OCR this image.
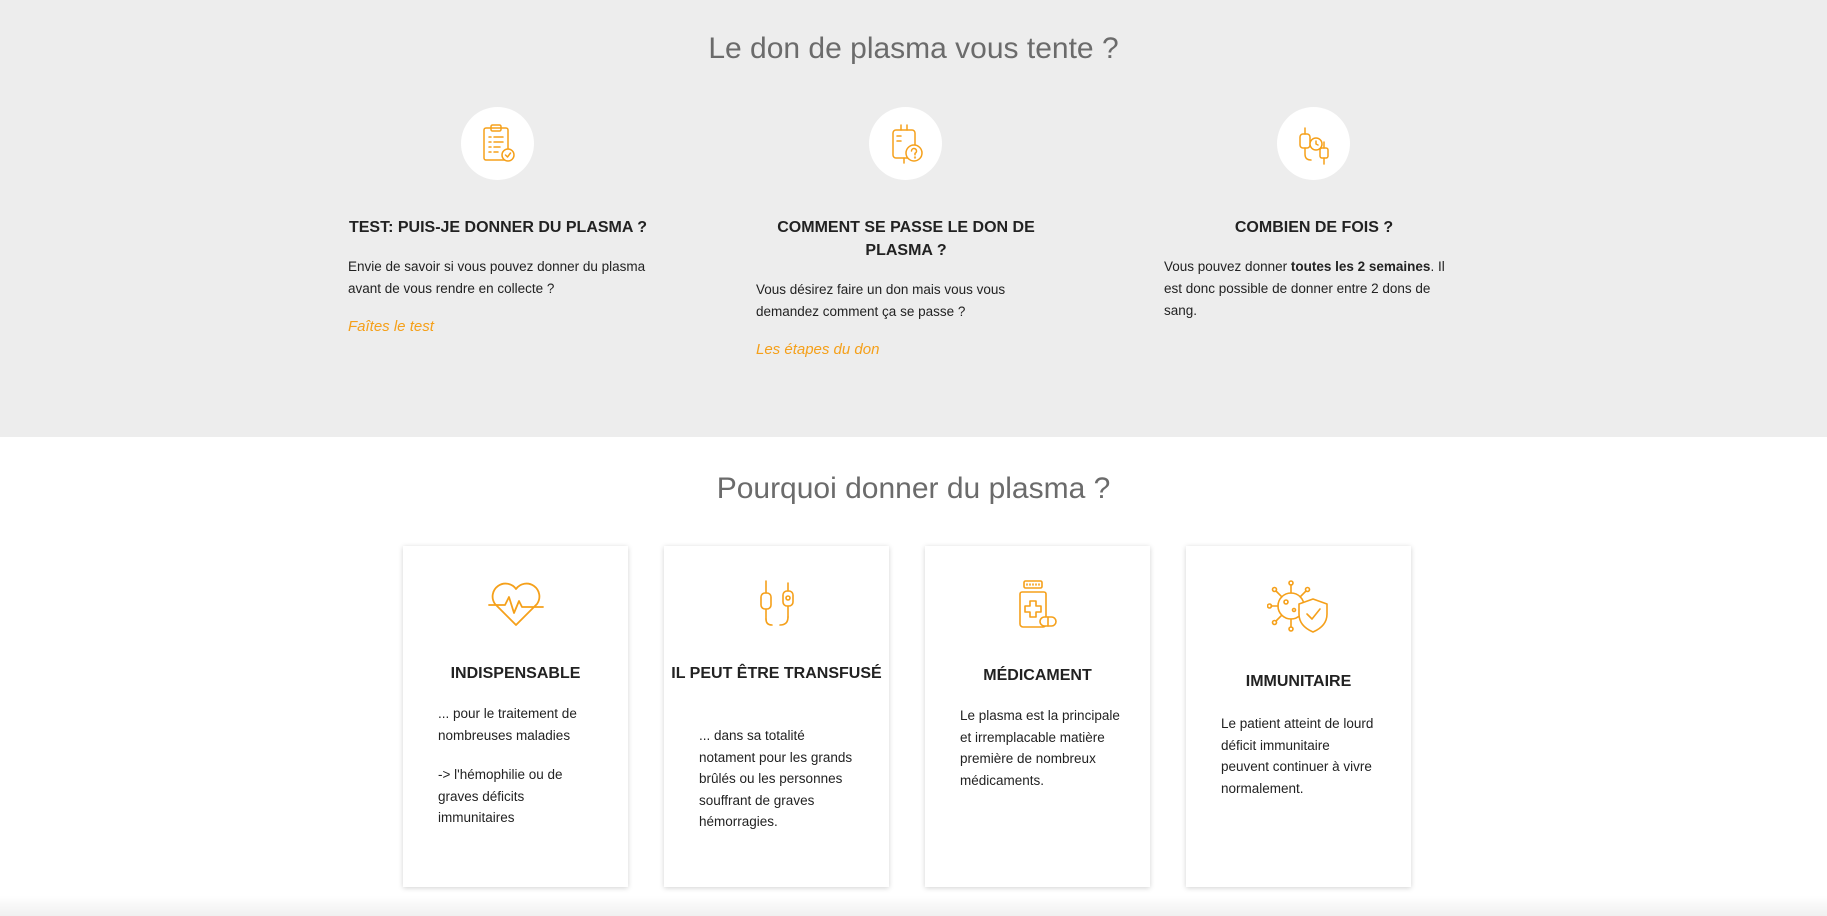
Le don de plasma vous tente ?
TEST: PUIS-JE DONNER DU PLASMA ?
Envie de savoir si vous pouvez donner du plasma avant de vous rendre en collecte ?
Faîtes le test
COMMENT SE PASSE LE DON DE PLASMA ?
Vous désirez faire un don mais vous vous demandez comment ça se passe ?
Les étapes du don
COMBIEN DE FOIS ?
Vous pouvez donner toutes les 2 semaines. Il est donc possible de donner entre 2 dons de sang.
Pourquoi donner du plasma ?
INDISPENSABLE
... pour le traitement de nombreuses maladies
-> l'hémophilie ou de graves déficits immunitaires
IL PEUT ÊTRE TRANSFUSÉ
... dans sa totalité notament pour les grands brûlés ou les personnes souffrant de graves hémorragies.
MÉDICAMENT
Le plasma est la principale et irremplacable matière première de nombreux médicaments.
IMMUNITAIRE
Le patient atteint de lourd déficit immunitaire peuvent continuer à vivre normalement.
